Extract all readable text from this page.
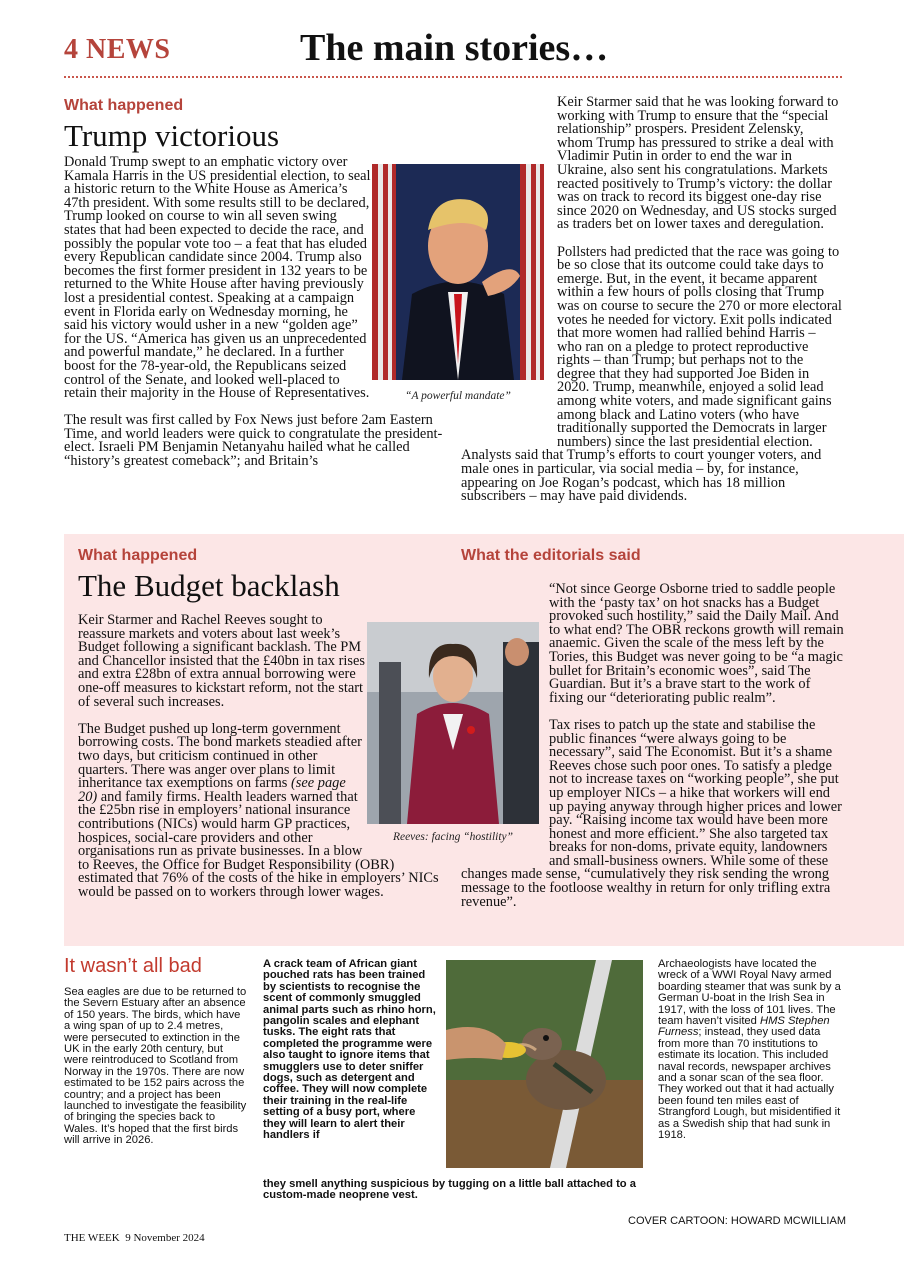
4 NEWS	The main stories…
What happened
Trump victorious

Donald Trump swept to an emphatic victory over Kamala Harris in the US presidential election, to seal a historic return to the White House as America’s 47th president. With some results still to be declared, Trump looked on course to win all seven swing states that had been expected to decide the race, and possibly the popular vote too – a feat that has eluded every Republican candidate since 2004. Trump also becomes the first former president in 132 years to be returned to the White House after having previously lost a presidential contest. Speaking at a campaign event in Florida early on Wednesday morning, he said his victory would usher in a new “golden age” for the US. “America has given us an unprecedented and powerful mandate,” he declared. In a further boost for the 78-year-old, the Republicans seized control of the Senate, and looked well-placed to retain their majority in the House of Representatives.

The result was first called by Fox News just before 2am Eastern Time, and world leaders were quick to congratulate the president-elect. Israeli PM Benjamin Netanyahu hailed what he called “history’s greatest comeback”; and Britain’s

“A powerful mandate”

Keir Starmer said that he was looking forward to working with Trump to ensure that the “special relationship” prospers. President Zelensky, whom Trump has pressured to strike a deal with Vladimir Putin in order to end the war in Ukraine, also sent his congratulations. Markets reacted positively to Trump’s victory: the dollar was on track to record its biggest one-day rise since 2020 on Wednesday, and US stocks surged as traders bet on lower taxes and deregulation.

Pollsters had predicted that the race was going to be so close that its outcome could take days to emerge. But, in the event, it became apparent within a few hours of polls closing that Trump was on course to secure the 270 or more electoral votes he needed for victory. Exit polls indicated that more women had rallied behind Harris – who ran on a pledge to protect reproductive rights – than Trump; but perhaps not to the degree that they had supported Joe Biden in 2020. Trump, meanwhile, enjoyed a solid lead among white voters, and made significant gains among black and Latino voters (who have traditionally supported the Democrats in larger numbers) since the last presidential election. Analysts said that Trump’s efforts to court younger voters, and male ones in particular, via social media – by, for instance, appearing on Joe Rogan’s podcast, which has 18 million subscribers – may have paid dividends.

What happened
The Budget backlash

Keir Starmer and Rachel Reeves sought to reassure markets and voters about last week’s Budget following a significant backlash. The PM and Chancellor insisted that the £40bn in tax rises and extra £28bn of extra annual borrowing were one-off measures to kickstart reform, not the start of several such increases.

The Budget pushed up long-term government borrowing costs. The bond markets steadied after two days, but criticism continued in other quarters. There was anger over plans to limit inheritance tax exemptions on farms (see page 20) and family firms. Health leaders warned that the £25bn rise in employers’ national insurance contributions (NICs) would harm GP practices, hospices, social-care providers and other organisations run as private businesses. In a blow to Reeves, the Office for Budget Responsibility (OBR) estimated that 76% of the costs of the hike in employers’ NICs would be passed on to workers through lower wages.

Reeves: facing “hostility”
What the editorials said

“Not since George Osborne tried to saddle people with the ‘pasty tax’ on hot snacks has a Budget provoked such hostility,” said the Daily Mail. And to what end? The OBR reckons growth will remain anaemic. Given the scale of the mess left by the Tories, this Budget was never going to be “a magic bullet for Britain’s economic woes”, said The Guardian. But it’s a brave start to the work of fixing our “deteriorating public realm”.

Tax rises to patch up the state and stabilise the public finances “were always going to be necessary”, said The Economist. But it’s a shame Reeves chose such poor ones. To satisfy a pledge not to increase taxes on “working people”, she put up employer NICs – a hike that workers will end up paying anyway through higher prices and lower pay. “Raising income tax would have been more honest and more efficient.” She also targeted tax breaks for non-doms, private equity, landowners and small-business owners. While some of these changes made sense, “cumulatively they risk sending the wrong message to the footloose wealthy in return for only trifling extra revenue”.

It wasn’t all bad
Sea eagles are due to be returned to the Severn Estuary after an absence of 150 years. The birds, which have a wing span of up to 2.4 metres, were persecuted to extinction in the UK in the early 20th century, but were reintroduced to Scotland from Norway in the 1970s. There are now estimated to be 152 pairs across the country; and a project has been launched to investigate the feasibility of bringing the species back to Wales. It’s hoped that the first birds will arrive in 2026.
A crack team of African giant pouched rats has been trained by scientists to recognise the scent of commonly smuggled animal parts such as rhino horn, pangolin scales and elephant tusks. The eight rats that completed the programme were also taught to ignore items that smugglers use to deter sniffer dogs, such as detergent and coffee. They will now complete their training in the real-life setting of a busy port, where they will learn to alert their handlers if
they smell anything suspicious by tugging on a little ball attached to a custom-made neoprene vest.
Archaeologists have located the wreck of a WWI Royal Navy armed boarding steamer that was sunk by a German U-boat in the Irish Sea in 1917, with the loss of 101 lives. The team haven’t visited HMS Stephen Furness; instead, they used data from more than 70 institutions to estimate its location. This included naval records, newspaper archives and a sonar scan of the sea floor. They worked out that it had actually been found ten miles east of Strangford Lough, but misidentified it as a Swedish ship that had sunk in 1918.
COVER CARTOON: HOWARD MCWILLIAM
THE WEEK  9 November 2024
